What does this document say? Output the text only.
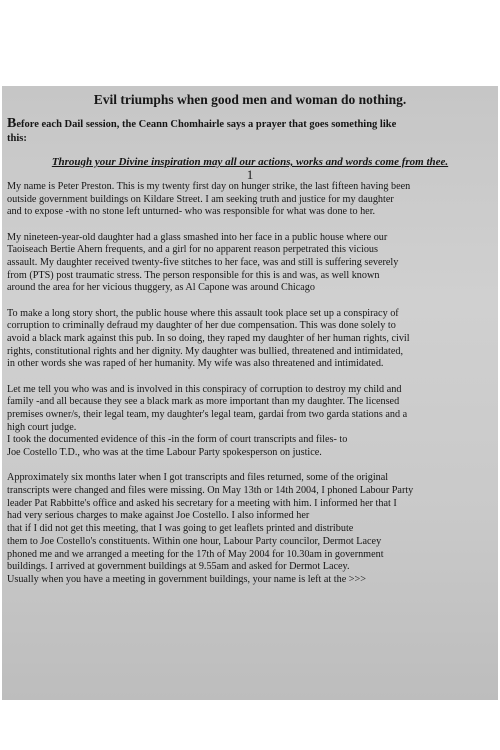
Evil triumphs when good men and woman do nothing.
Before each Dail session, the Ceann Chomhairle says a prayer that goes something like
this:
Through your Divine inspiration may all our actions, works and words come from thee.
1
My name is Peter Preston. This is my twenty first day on hunger strike, the last fifteen having been
outside government buildings on Kildare Street. I am seeking truth and justice for my daughter
and to expose -with no stone left unturned- who was responsible for what was done to her.
My nineteen-year-old daughter had a glass smashed into her face in a public house where our
Taoiseach Bertie Ahern frequents, and a girl for no apparent reason perpetrated this vicious
assault. My daughter received twenty-five stitches to her face, was and still is suffering severely
from (PTS) post traumatic stress. The person responsible for this is and was, as well known
around the area for her vicious thuggery, as Al Capone was around Chicago
To make a long story short, the public house where this assault took place set up a conspiracy of
corruption to criminally defraud my daughter of her due compensation. This was done solely to
avoid a black mark against this pub. In so doing, they raped my daughter of her human rights, civil
rights, constitutional rights and her dignity. My daughter was bullied, threatened and intimidated,
in other words she was raped of her humanity. My wife was also threatened and intimidated.
Let me tell you who was and is involved in this conspiracy of corruption to destroy my child and
family -and all because they see a black mark as more important than my daughter. The licensed
premises owner/s, their legal team, my daughter's legal team, gardai from two garda stations and a
high court judge.
I took the documented evidence of this -in the form of court transcripts and files- to
Joe Costello T.D., who was at the time Labour Party spokesperson on justice.
Approximately six months later when I got transcripts and files returned, some of the original
transcripts were changed and files were missing. On May 13th or 14th 2004, I phoned Labour Party
leader Pat Rabbitte's office and asked his secretary for a meeting with him. I informed her that I
had very serious charges to make against Joe Costello. I also informed her
that if I did not get this meeting, that I was going to get leaflets printed and distribute
them to Joe Costello's constituents. Within one hour, Labour Party councilor, Dermot Lacey
phoned me and we arranged a meeting for the 17th of May 2004 for 10.30am in government
buildings. I arrived at government buildings at 9.55am and asked for Dermot Lacey.
Usually when you have a meeting in government buildings, your name is left at the >>>
